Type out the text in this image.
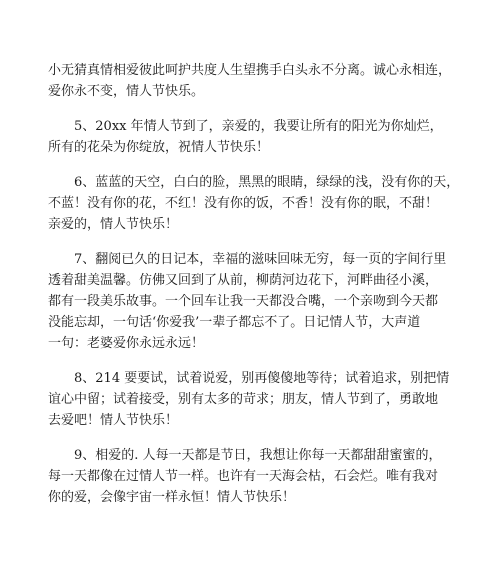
小无猜真情相爱彼此呵护共度人生望携手白头永不分离。诚心永相连，
爱你永不变，情人节快乐。
5、20xx 年情人节到了，亲爱的，我要让所有的阳光为你灿烂，
所有的花朵为你绽放，祝情人节快乐！
6、蓝蓝的天空，白白的脸，黑黑的眼睛，绿绿的浅，没有你的天，
不蓝！没有你的花，不红！没有你的饭，不香！没有你的眠，不甜！
亲爱的，情人节快乐！
7、翻阅已久的日记本，幸福的滋味回味无穷，每一页的字间行里
透着甜美温馨。仿佛又回到了从前，柳荫河边花下，河畔曲径小溪，
都有一段美乐故事。一个回车让我一天都没合嘴，一个亲吻到今天都
没能忘却，一句话‘你爱我’一辈子都忘不了。日记情人节，大声道
一句：老婆爱你永远永远！
8、214 要要试，试着说爱，别再傻傻地等待；试着追求，别把情
谊心中留；试着接受，别有太多的苛求；朋友，情人节到了，勇敢地
去爱吧！情人节快乐！
9、相爱的. 人每一天都是节日，我想让你每一天都甜甜蜜蜜的，
每一天都像在过情人节一样。也许有一天海会枯，石会烂。唯有我对
你的爱，会像宇宙一样永恒！情人节快乐！
